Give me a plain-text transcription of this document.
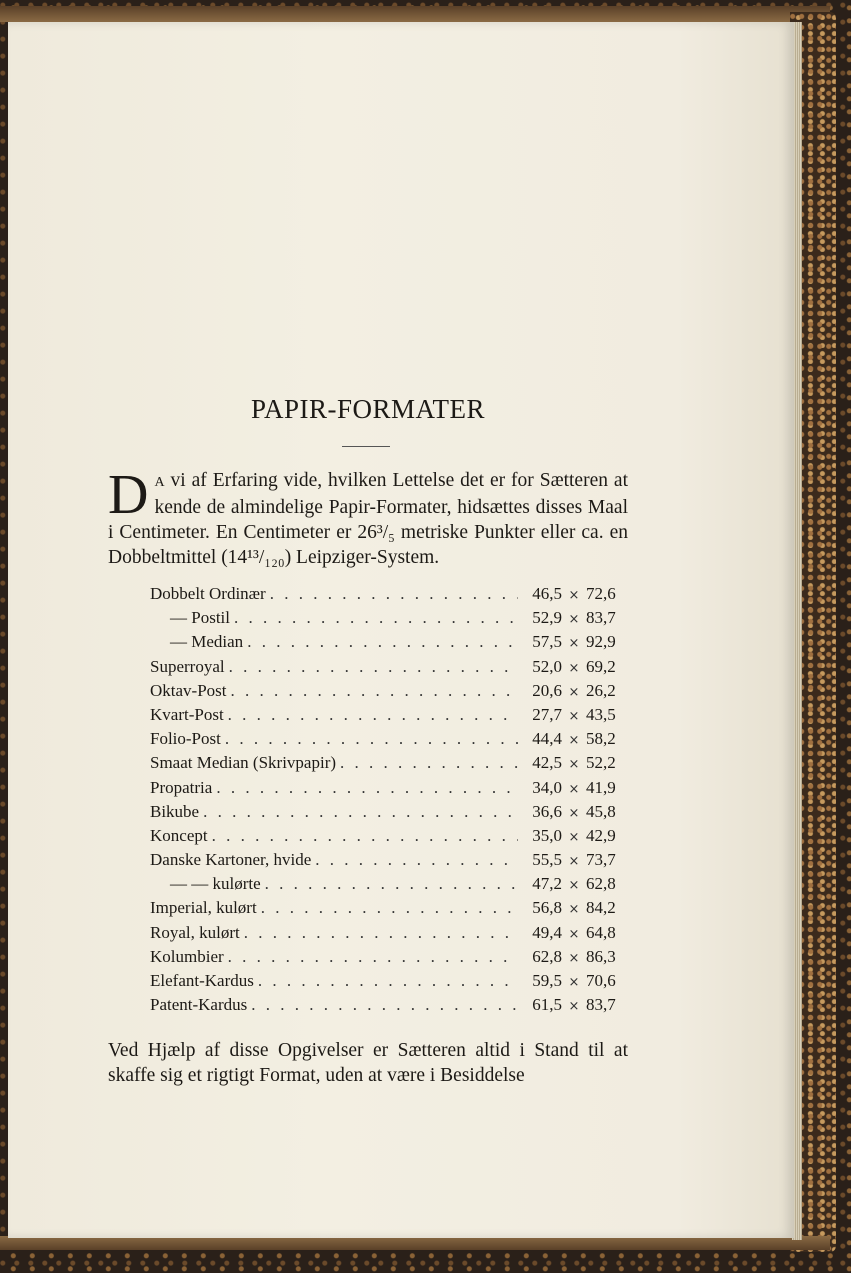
PAPIR-FORMATER
D A vi af Erfaring vide, hvilken Lettelse det er for Sætteren at kende de almindelige Papir-Formater, hidsættes disses Maal i Centimeter. En Centimeter er 26³/₅ metriske Punkter eller ca. en Dobbeltmittel (14¹³/₁₂₀) Leipziger-System.
Dobbelt Ordinær . . .	46,5 × 72,6
— Postil . . .	52,9 × 83,7
— Median . . .	57,5 × 92,9
Superroyal . . .	52,0 × 69,2
Oktav-Post . . .	20,6 × 26,2
Kvart-Post . . .	27,7 × 43,5
Folio-Post . . .	44,4 × 58,2
Smaat Median (Skrivpapir) . . .	42,5 × 52,2
Propatria . . .	34,0 × 41,9
Bikube . . .	36,6 × 45,8
Koncept . . .	35,0 × 42,9
Danske Kartoner, hvide . . .	55,5 × 73,7
— — kulørte . . .	47,2 × 62,8
Imperial, kulørt . . .	56,8 × 84,2
Royal, kulørt . . .	49,4 × 64,8
Kolumbier . . .	62,8 × 86,3
Elefant-Kardus . . .	59,5 × 70,6
Patent-Kardus . . .	61,5 × 83,7
Ved Hjælp af disse Opgivelser er Sætteren altid i Stand til at skaffe sig et rigtigt Format, uden at være i Besiddelse
